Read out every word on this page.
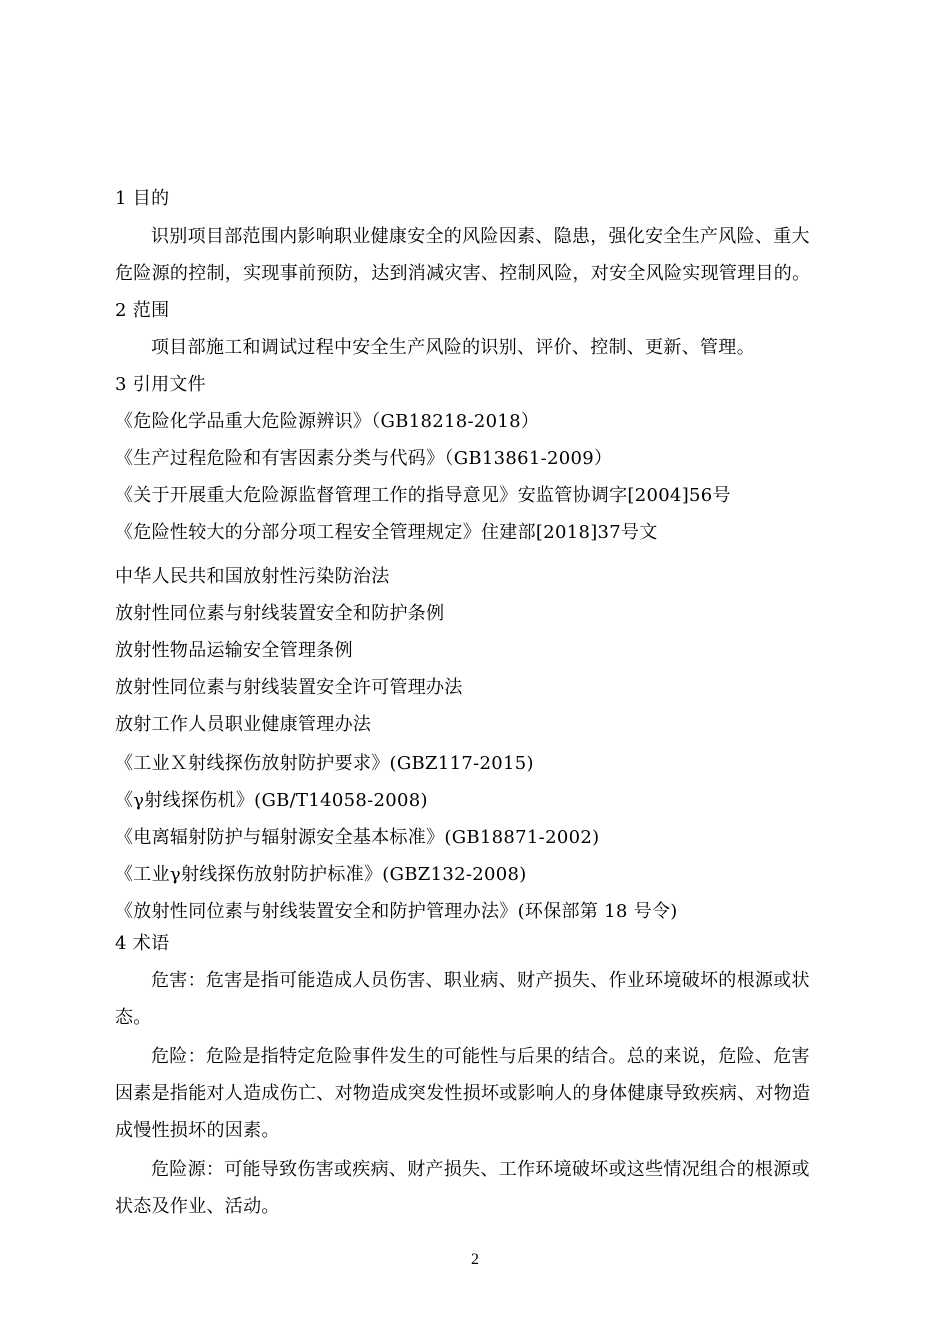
1 目的
识别项目部范围内影响职业健康安全的风险因素、隐患，强化安全生产风险、重大
危险源的控制，实现事前预防，达到消减灾害、控制风险，对安全风险实现管理目的。
2 范围
项目部施工和调试过程中安全生产风险的识别、评价、控制、更新、管理。
3 引用文件
《危险化学品重大危险源辨识》（GB18218-2018）
《生产过程危险和有害因素分类与代码》（GB13861-2009）
《关于开展重大危险源监督管理工作的指导意见》安监管协调字[2004]56号
《危险性较大的分部分项工程安全管理规定》住建部[2018]37号文
中华人民共和国放射性污染防治法
放射性同位素与射线装置安全和防护条例
放射性物品运输安全管理条例
放射性同位素与射线装置安全许可管理办法
放射工作人员职业健康管理办法
《工业Ｘ射线探伤放射防护要求》(GBZ117-2015)
《γ射线探伤机》(GB/T14058-2008)
《电离辐射防护与辐射源安全基本标准》(GB18871-2002)
《工业γ射线探伤放射防护标准》(GBZ132-2008)
《放射性同位素与射线装置安全和防护管理办法》(环保部第 18 号令)
4 术语
危害：危害是指可能造成人员伤害、职业病、财产损失、作业环境破坏的根源或状
态。
危险：危险是指特定危险事件发生的可能性与后果的结合。总的来说，危险、危害
因素是指能对人造成伤亡、对物造成突发性损坏或影响人的身体健康导致疾病、对物造
成慢性损坏的因素。
危险源：可能导致伤害或疾病、财产损失、工作环境破坏或这些情况组合的根源或
状态及作业、活动。
2
